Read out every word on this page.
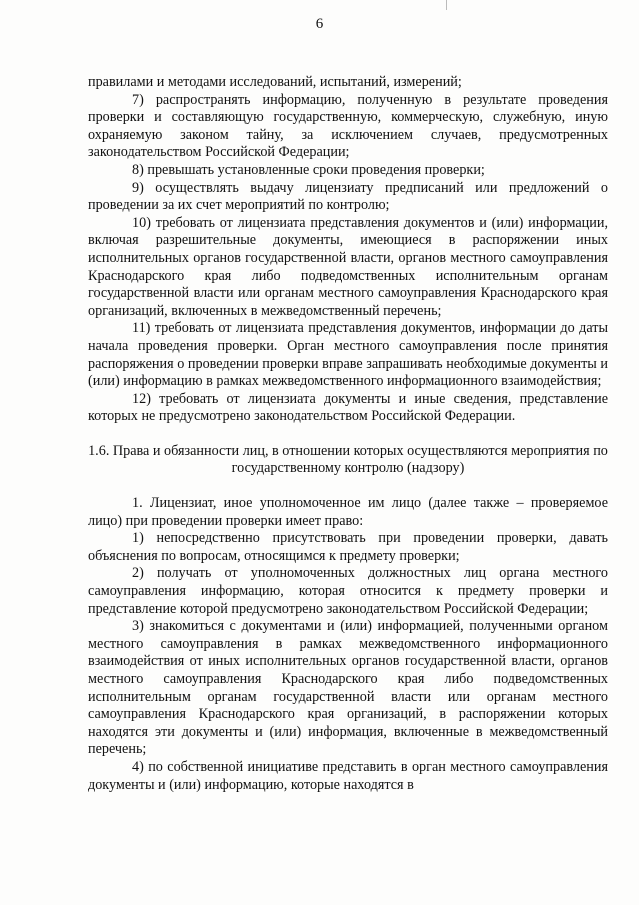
6

правилами и методами исследований, испытаний, измерений;

7) распространять информацию, полученную в результате проведения проверки и составляющую государственную, коммерческую, служебную, иную охраняемую законом тайну, за исключением случаев, предусмотренных законодательством Российской Федерации;

8) превышать установленные сроки проведения проверки;

9) осуществлять выдачу лицензиату предписаний или предложений о проведении за их счет мероприятий по контролю;

10) требовать от лицензиата представления документов и (или) информации, включая разрешительные документы, имеющиеся в распоряжении иных исполнительных органов государственной власти, органов местного самоуправления Краснодарского края либо подведомственных исполнительным органам государственной власти или органам местного самоуправления Краснодарского края организаций, включенных в межведомственный перечень;

11) требовать от лицензиата представления документов, информации до даты начала проведения проверки. Орган местного самоуправления после принятия распоряжения о проведении проверки вправе запрашивать необходимые документы и (или) информацию в рамках межведомственного информационного взаимодействия;

12) требовать от лицензиата документы и иные сведения, представление которых не предусмотрено законодательством Российской Федерации.

1.6. Права и обязанности лиц, в отношении которых осуществляются мероприятия по государственному контролю (надзору)

1. Лицензиат, иное уполномоченное им лицо (далее также – проверяемое лицо) при проведении проверки имеет право:

1) непосредственно присутствовать при проведении проверки, давать объяснения по вопросам, относящимся к предмету проверки;

2) получать от уполномоченных должностных лиц органа местного самоуправления информацию, которая относится к предмету проверки и представление которой предусмотрено законодательством Российской Федерации;

3) знакомиться с документами и (или) информацией, полученными органом местного самоуправления в рамках межведомственного информационного взаимодействия от иных исполнительных органов государственной власти, органов местного самоуправления Краснодарского края либо подведомственных исполнительным органам государственной власти или органам местного самоуправления Краснодарского края организаций, в распоряжении которых находятся эти документы и (или) информация, включенные в межведомственный перечень;

4) по собственной инициативе представить в орган местного самоуправления документы и (или) информацию, которые находятся в
